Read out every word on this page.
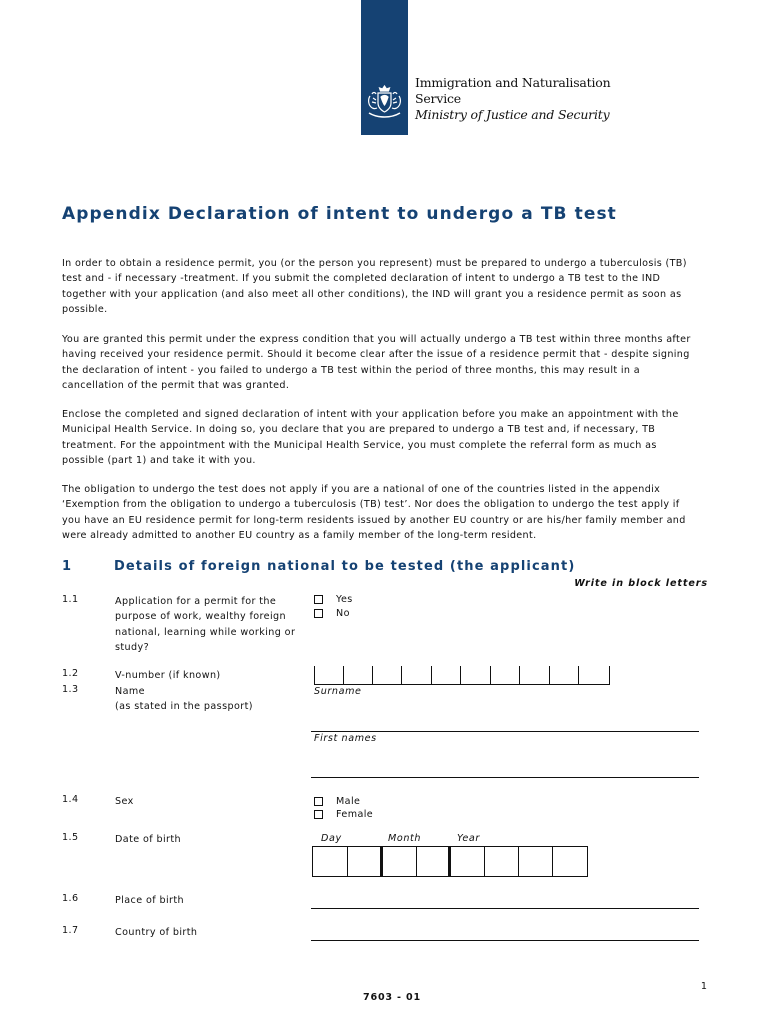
Immigration and Naturalisation
Service
Ministry of Justice and Security
Appendix Declaration of intent to undergo a TB test
In order to obtain a residence permit, you (or the person you represent) must be prepared to undergo a tuberculosis (TB)
test and - if necessary -treatment. If you submit the completed declaration of intent to undergo a TB test to the IND
together with your application (and also meet all other conditions), the IND will grant you a residence permit as soon as
possible.
You are granted this permit under the express condition that you will actually undergo a TB test within three months after
having received your residence permit. Should it become clear after the issue of a residence permit that - despite signing
the declaration of intent - you failed to undergo a TB test within the period of three months, this may result in a
cancellation of the permit that was granted.
Enclose the completed and signed declaration of intent with your application before you make an appointment with the
Municipal Health Service. In doing so, you declare that you are prepared to undergo a TB test and, if necessary, TB
treatment. For the appointment with the Municipal Health Service, you must complete the referral form as much as
possible (part 1) and take it with you.
The obligation to undergo the test does not apply if you are a national of one of the countries listed in the appendix
‘Exemption from the obligation to undergo a tuberculosis (TB) test’. Nor does the obligation to undergo the test apply if
you have an EU residence permit for long-term residents issued by another EU country or are his/her family member and
were already admitted to another EU country as a family member of the long-term resident.
1	Details of foreign national to be tested (the applicant)
Write in block letters
1.1	Application for a permit for the
purpose of work, wealthy foreign
national, learning while working or
study?
Yes
No
1.2	V-number (if known)
1.3	Name
(as stated in the passport)
Surname
First names
1.4	Sex	Male
Female
1.5	Date of birth	Day	Month	Year
1.6	Place of birth
1.7	Country of birth
1
7603 - 01
